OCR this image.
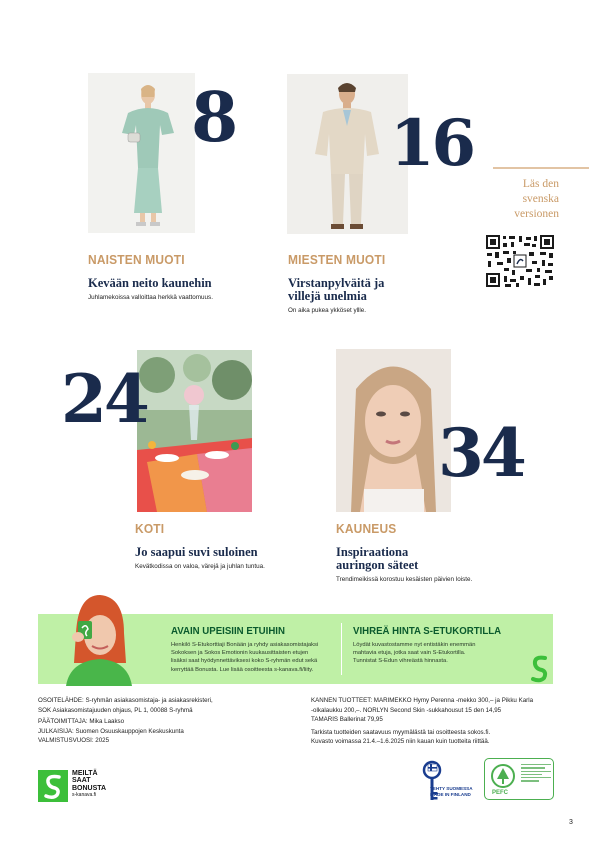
8
NAISTEN MUOTI
Kevään neito kaunehin
Juhlamekoissa valloittaa herkkä vaattomuus.
16
MIESTEN MUOTI
Virstanpylväitä ja
villejä unelmia
On aika pukea ykköset yllle.
Läs den
svenska
versionen
24
KOTI
Jo saapui suvi suloinen
Kevätkodissa on valoa, värejä ja juhlan tuntua.
34
KAUNEUS
Inspiraationa
auringon säteet
Trendimeikissä korostuu kesäisten päivien loiste.
AVAIN UPEISIIN ETUIHIN
Henkilö S-Etukorttiaji Bonään ja ryhdy asiakasomistajaksi
Sokoksen ja Sokos Emotionin kuukausittaisten etujen
lisäksi saat hyödynnettäviksesi koko S-ryhmän edut sekä
kerryttää Bonusta. Lue lisää osoitteesta s-kanava.fi/liity.
VIHREÄ HINTA S-ETUKORTILLA
Löydät kuvastostamme nyt entistäkin enemmän
mahtavia etuja, jotka saat vain S-Etukortilla.
Tunnistat S-Edun vihreästä hinnasta.

OSOITELÄHDE: S-ryhmän asiakasomistaja- ja asiakasrekisteri,

SOK Asiakasomistajuuden ohjaus, PL 1, 00088 S-ryhmä

PÄÄTOIMITTAJA: Mika Laakso

JULKAISIJA: Suomen Osuuskauppojen Keskuskunta

VALMISTUSVUOSI: 2025

KANNEN TUOTTEET: MARIMEKKO Hymy Perenna -mekko 300,– ja Pikku Karla

-olkalaukku 200,–. NORLYN Second Skin -sukkahousut 15 den 14,95

TAMARIS Ballerinat 79,95

Tarkista tuotteiden saatavuus myymälästä tai osoitteesta sokos.fi.

Kuvasto voimassa 21.4.–1.6.2025 niin kauan kuin tuotteita riittää.

MEILTÄ
SAAT
BONUSTA
s-kanava.fi
TEHTY SUOMESSA
MADE IN FINLAND	PEFC
3
